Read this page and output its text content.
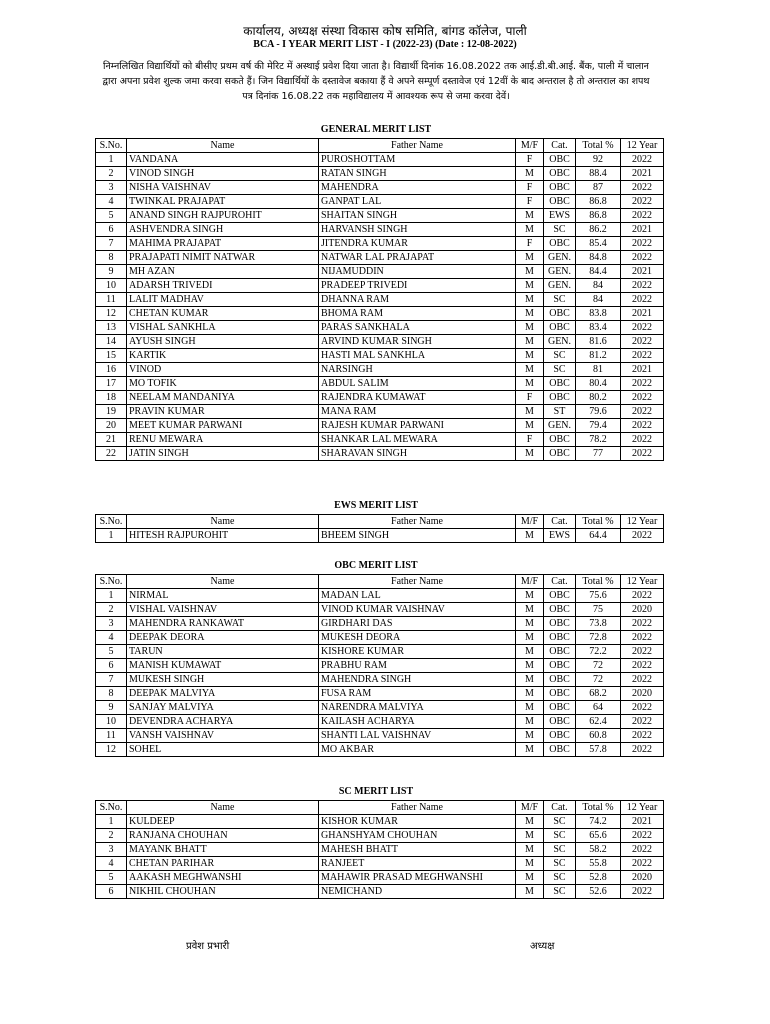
कार्यालय, अध्यक्ष संस्था विकास कोष समिति, बांगड कॉलेज, पाली
BCA - I YEAR MERIT LIST - I (2022-23) (Date : 12-08-2022)
निम्नलिखित विद्यार्थियों को बीसीए प्रथम वर्ष की मेरिट में अस्थाई प्रवेश दिया जाता है। विद्यार्थी दिनांक 16.08.2022 तक आई.डी.बी.आई. बैंक, पाली में चालान द्वारा अपना प्रवेश शुल्क जमा करवा सकते हैं। जिन विद्यार्थियों के दस्तावेज बकाया हैं वे अपने सम्पूर्ण दस्तावेज एवं 12वीं के बाद अन्तराल है तो अन्तराल का शपथ पत्र दिनांक 16.08.22 तक महाविद्यालय में आवश्यक रूप से जमा करवा देवें।
GENERAL MERIT LIST
S.No.	Name	Father Name	M/F	Cat.	Total %	12 Year
1	VANDANA	PUROSHOTTAM	F	OBC	92	2022
2	VINOD SINGH	RATAN SINGH	M	OBC	88.4	2021
3	NISHA VAISHNAV	MAHENDRA	F	OBC	87	2022
4	TWINKAL PRAJAPAT	GANPAT LAL	F	OBC	86.8	2022
5	ANAND SINGH RAJPUROHIT	SHAITAN SINGH	M	EWS	86.8	2022
6	ASHVENDRA SINGH	HARVANSH SINGH	M	SC	86.2	2021
7	MAHIMA PRAJAPAT	JITENDRA KUMAR	F	OBC	85.4	2022
8	PRAJAPATI NIMIT NATWAR	NATWAR LAL PRAJAPAT	M	GEN.	84.8	2022
9	MH AZAN	NIJAMUDDIN	M	GEN.	84.4	2021
10	ADARSH TRIVEDI	PRADEEP TRIVEDI	M	GEN.	84	2022
11	LALIT MADHAV	DHANNA RAM	M	SC	84	2022
12	CHETAN KUMAR	BHOMA RAM	M	OBC	83.8	2021
13	VISHAL SANKHLA	PARAS SANKHALA	M	OBC	83.4	2022
14	AYUSH SINGH	ARVIND KUMAR SINGH	M	GEN.	81.6	2022
15	KARTIK	HASTI MAL SANKHLA	M	SC	81.2	2022
16	VINOD	NARSINGH	M	SC	81	2021
17	MO TOFIK	ABDUL SALIM	M	OBC	80.4	2022
18	NEELAM MANDANIYA	RAJENDRA KUMAWAT	F	OBC	80.2	2022
19	PRAVIN KUMAR	MANA RAM	M	ST	79.6	2022
20	MEET KUMAR PARWANI	RAJESH KUMAR PARWANI	M	GEN.	79.4	2022
21	RENU MEWARA	SHANKAR LAL MEWARA	F	OBC	78.2	2022
22	JATIN SINGH	SHARAVAN SINGH	M	OBC	77	2022
EWS MERIT LIST
S.No.	Name	Father Name	M/F	Cat.	Total %	12 Year
1	HITESH RAJPUROHIT	BHEEM SINGH	M	EWS	64.4	2022
OBC MERIT LIST
S.No.	Name	Father Name	M/F	Cat.	Total %	12 Year
1	NIRMAL	MADAN LAL	M	OBC	75.6	2022
2	VISHAL VAISHNAV	VINOD KUMAR VAISHNAV	M	OBC	75	2020
3	MAHENDRA RANKAWAT	GIRDHARI DAS	M	OBC	73.8	2022
4	DEEPAK DEORA	MUKESH DEORA	M	OBC	72.8	2022
5	TARUN	KISHORE KUMAR	M	OBC	72.2	2022
6	MANISH KUMAWAT	PRABHU RAM	M	OBC	72	2022
7	MUKESH SINGH	MAHENDRA SINGH	M	OBC	72	2022
8	DEEPAK MALVIYA	FUSA RAM	M	OBC	68.2	2020
9	SANJAY MALVIYA	NARENDRA MALVIYA	M	OBC	64	2022
10	DEVENDRA ACHARYA	KAILASH ACHARYA	M	OBC	62.4	2022
11	VANSH VAISHNAV	SHANTI LAL VAISHNAV	M	OBC	60.8	2022
12	SOHEL	MO AKBAR	M	OBC	57.8	2022
SC MERIT LIST
S.No.	Name	Father Name	M/F	Cat.	Total %	12 Year
1	KULDEEP	KISHOR KUMAR	M	SC	74.2	2021
2	RANJANA CHOUHAN	GHANSHYAM CHOUHAN	M	SC	65.6	2022
3	MAYANK BHATT	MAHESH BHATT	M	SC	58.2	2022
4	CHETAN PARIHAR	RANJEET	M	SC	55.8	2022
5	AAKASH MEGHWANSHI	MAHAWIR PRASAD MEGHWANSHI	M	SC	52.8	2020
6	NIKHIL CHOUHAN	NEMICHAND	M	SC	52.6	2022
प्रवेश प्रभारी	अध्यक्ष
